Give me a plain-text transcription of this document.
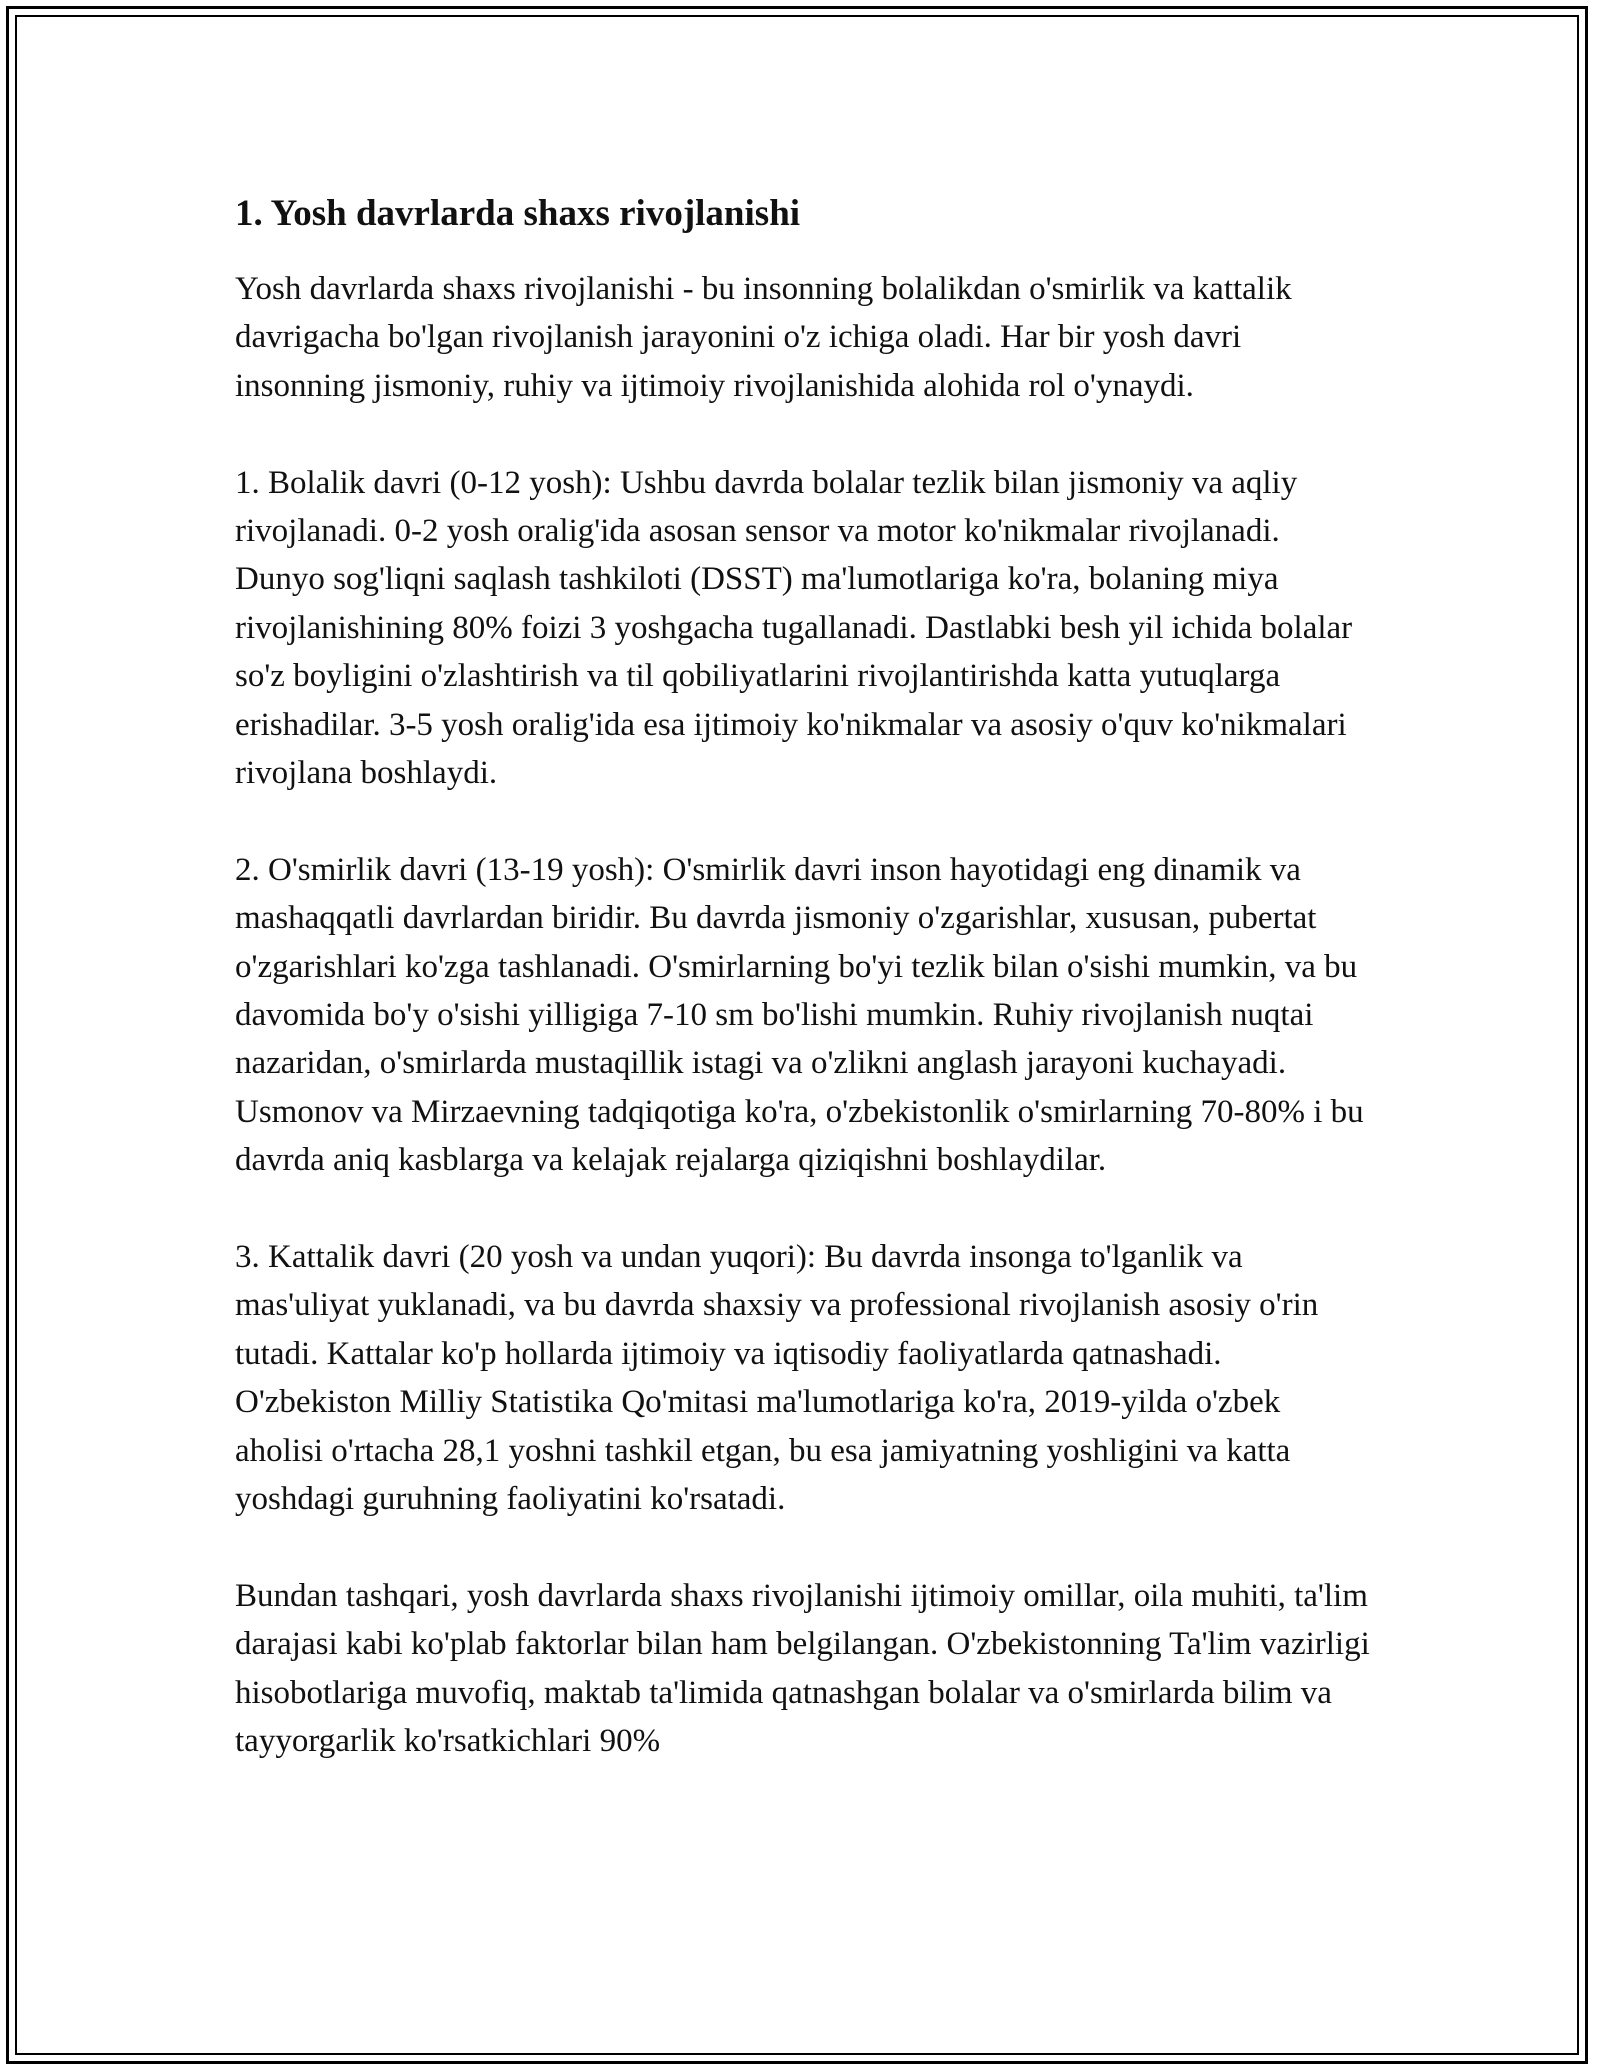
1. Yosh davrlarda shaxs rivojlanishi

Yosh davrlarda shaxs rivojlanishi - bu insonning bolalikdan o'smirlik va kattalik davrigacha bo'lgan rivojlanish jarayonini o'z ichiga oladi. Har bir yosh davri insonning jismoniy, ruhiy va ijtimoiy rivojlanishida alohida rol o'ynaydi.

1. Bolalik davri (0-12 yosh): Ushbu davrda bolalar tezlik bilan jismoniy va aqliy rivojlanadi. 0-2 yosh oralig'ida asosan sensor va motor ko'nikmalar rivojlanadi. Dunyo sog'liqni saqlash tashkiloti (DSST) ma'lumotlariga ko'ra, bolaning miya rivojlanishining 80% foizi 3 yoshgacha tugallanadi. Dastlabki besh yil ichida bolalar so'z boyligini o'zlashtirish va til qobiliyatlarini rivojlantirishda katta yutuqlarga erishadilar. 3-5 yosh oralig'ida esa ijtimoiy ko'nikmalar va asosiy o'quv ko'nikmalari rivojlana boshlaydi.

2. O'smirlik davri (13-19 yosh): O'smirlik davri inson hayotidagi eng dinamik va mashaqqatli davrlardan biridir. Bu davrda jismoniy o'zgarishlar, xususan, pubertat o'zgarishlari ko'zga tashlanadi. O'smirlarning bo'yi tezlik bilan o'sishi mumkin, va bu davomida bo'y o'sishi yilligiga 7-10 sm bo'lishi mumkin. Ruhiy rivojlanish nuqtai nazaridan, o'smirlarda mustaqillik istagi va o'zlikni anglash jarayoni kuchayadi. Usmonov va Mirzaevning tadqiqotiga ko'ra, o'zbekistonlik o'smirlarning 70-80% i bu davrda aniq kasblarga va kelajak rejalarga qiziqishni boshlaydilar.

3. Kattalik davri (20 yosh va undan yuqori): Bu davrda insonga to'lganlik va mas'uliyat yuklanadi, va bu davrda shaxsiy va professional rivojlanish asosiy o'rin tutadi. Kattalar ko'p hollarda ijtimoiy va iqtisodiy faoliyatlarda qatnashadi. O'zbekiston Milliy Statistika Qo'mitasi ma'lumotlariga ko'ra, 2019-yilda o'zbek aholisi o'rtacha 28,1 yoshni tashkil etgan, bu esa jamiyatning yoshligini va katta yoshdagi guruhning faoliyatini ko'rsatadi.

Bundan tashqari, yosh davrlarda shaxs rivojlanishi ijtimoiy omillar, oila muhiti, ta'lim darajasi kabi ko'plab faktorlar bilan ham belgilangan. O'zbekistonning Ta'lim vazirligi hisobotlariga muvofiq, maktab ta'limida qatnashgan bolalar va o'smirlarda bilim va tayyorgarlik ko'rsatkichlari 90%
